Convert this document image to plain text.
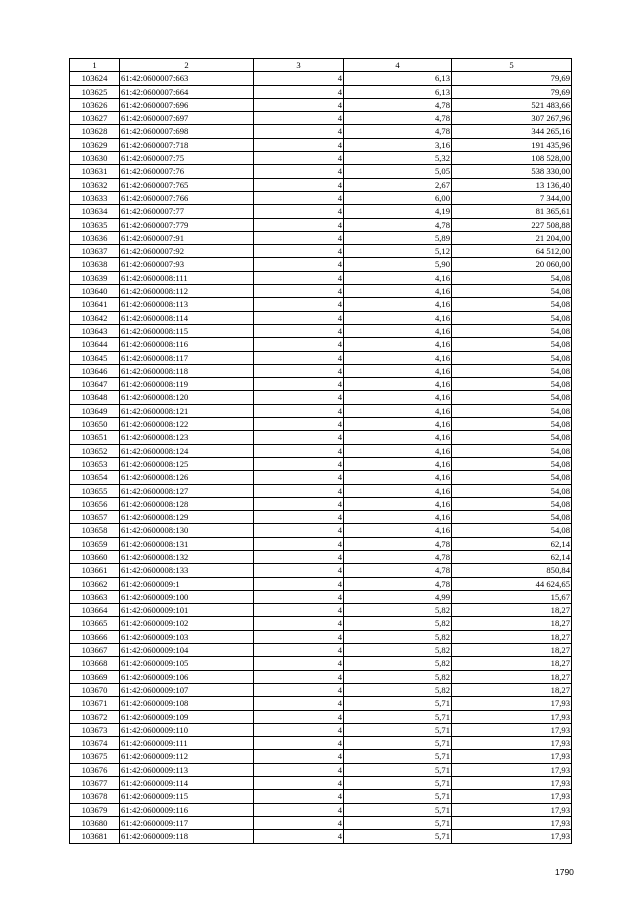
1	2	3	4	5
103624	61:42:0600007:663	4	6,13	79,69
103625	61:42:0600007:664	4	6,13	79,69
103626	61:42:0600007:696	4	4,78	521 483,66
103627	61:42:0600007:697	4	4,78	307 267,96
103628	61:42:0600007:698	4	4,78	344 265,16
103629	61:42:0600007:718	4	3,16	191 435,96
103630	61:42:0600007:75	4	5,32	108 528,00
103631	61:42:0600007:76	4	5,05	538 330,00
103632	61:42:0600007:765	4	2,67	13 136,40
103633	61:42:0600007:766	4	6,00	7 344,00
103634	61:42:0600007:77	4	4,19	81 365,61
103635	61:42:0600007:779	4	4,78	227 508,88
103636	61:42:0600007:91	4	5,89	21 204,00
103637	61:42:0600007:92	4	5,12	64 512,00
103638	61:42:0600007:93	4	5,90	20 060,00
103639	61:42:0600008:111	4	4,16	54,08
103640	61:42:0600008:112	4	4,16	54,08
103641	61:42:0600008:113	4	4,16	54,08
103642	61:42:0600008:114	4	4,16	54,08
103643	61:42:0600008:115	4	4,16	54,08
103644	61:42:0600008:116	4	4,16	54,08
103645	61:42:0600008:117	4	4,16	54,08
103646	61:42:0600008:118	4	4,16	54,08
103647	61:42:0600008:119	4	4,16	54,08
103648	61:42:0600008:120	4	4,16	54,08
103649	61:42:0600008:121	4	4,16	54,08
103650	61:42:0600008:122	4	4,16	54,08
103651	61:42:0600008:123	4	4,16	54,08
103652	61:42:0600008:124	4	4,16	54,08
103653	61:42:0600008:125	4	4,16	54,08
103654	61:42:0600008:126	4	4,16	54,08
103655	61:42:0600008:127	4	4,16	54,08
103656	61:42:0600008:128	4	4,16	54,08
103657	61:42:0600008:129	4	4,16	54,08
103658	61:42:0600008:130	4	4,16	54,08
103659	61:42:0600008:131	4	4,78	62,14
103660	61:42:0600008:132	4	4,78	62,14
103661	61:42:0600008:133	4	4,78	850,84
103662	61:42:0600009:1	4	4,78	44 624,65
103663	61:42:0600009:100	4	4,99	15,67
103664	61:42:0600009:101	4	5,82	18,27
103665	61:42:0600009:102	4	5,82	18,27
103666	61:42:0600009:103	4	5,82	18,27
103667	61:42:0600009:104	4	5,82	18,27
103668	61:42:0600009:105	4	5,82	18,27
103669	61:42:0600009:106	4	5,82	18,27
103670	61:42:0600009:107	4	5,82	18,27
103671	61:42:0600009:108	4	5,71	17,93
103672	61:42:0600009:109	4	5,71	17,93
103673	61:42:0600009:110	4	5,71	17,93
103674	61:42:0600009:111	4	5,71	17,93
103675	61:42:0600009:112	4	5,71	17,93
103676	61:42:0600009:113	4	5,71	17,93
103677	61:42:0600009:114	4	5,71	17,93
103678	61:42:0600009:115	4	5,71	17,93
103679	61:42:0600009:116	4	5,71	17,93
103680	61:42:0600009:117	4	5,71	17,93
103681	61:42:0600009:118	4	5,71	17,93
1790
